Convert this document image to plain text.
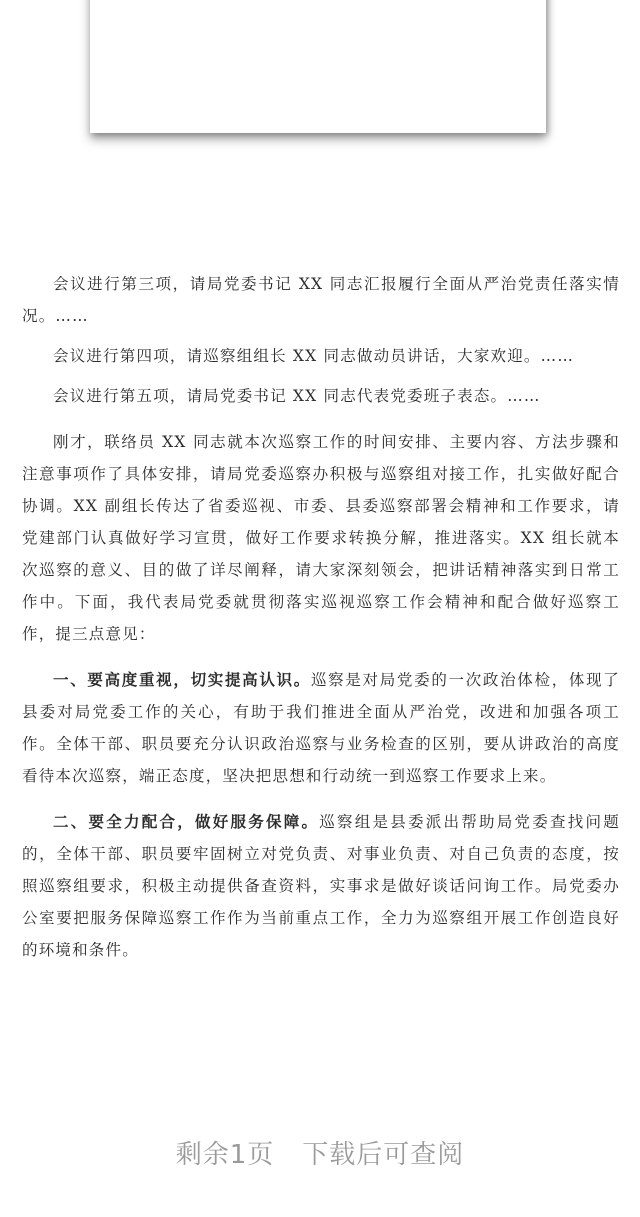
会议进行第三项，请局党委书记 XX 同志汇报履行全面从严治党责任落实情况。……

会议进行第四项，请巡察组组长 XX 同志做动员讲话，大家欢迎。……

会议进行第五项，请局党委书记 XX 同志代表党委班子表态。……

刚才，联络员 XX 同志就本次巡察工作的时间安排、主要内容、方法步骤和注意事项作了具体安排，请局党委巡察办积极与巡察组对接工作，扎实做好配合协调。XX 副组长传达了省委巡视、市委、县委巡察部署会精神和工作要求，请党建部门认真做好学习宣贯，做好工作要求转换分解，推进落实。XX 组长就本次巡察的意义、目的做了详尽阐释，请大家深刻领会，把讲话精神落实到日常工作中。下面，我代表局党委就贯彻落实巡视巡察工作会精神和配合做好巡察工作，提三点意见：

一、要高度重视，切实提高认识。巡察是对局党委的一次政治体检，体现了县委对局党委工作的关心，有助于我们推进全面从严治党，改进和加强各项工作。全体干部、职员要充分认识政治巡察与业务检查的区别，要从讲政治的高度看待本次巡察，端正态度，坚决把思想和行动统一到巡察工作要求上来。

二、要全力配合，做好服务保障。巡察组是县委派出帮助局党委查找问题的，全体干部、职员要牢固树立对党负责、对事业负责、对自己负责的态度，按照巡察组要求，积极主动提供备查资料，实事求是做好谈话问询工作。局党委办公室要把服务保障巡察工作作为当前重点工作，全力为巡察组开展工作创造良好的环境和条件。

剩余1页 下载后可查阅
